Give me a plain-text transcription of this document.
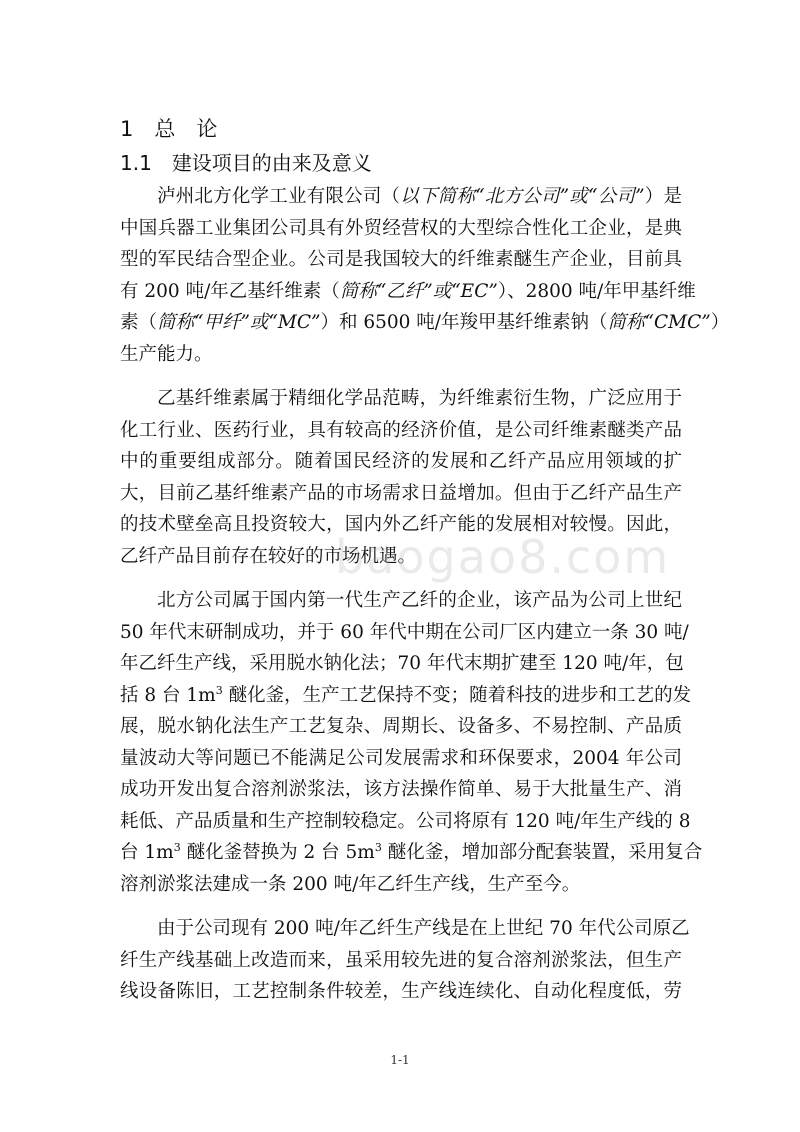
1　 总　论
1.1　 建设项目的由来及意义

泸州北方化学工业有限公司（以下简称“北方公司”或“公司”）是
中国兵器工业集团公司具有外贸经营权的大型综合性化工企业，是典
型的军民结合型企业。公司是我国较大的纤维素醚生产企业，目前具
有 200 吨/年乙基纤维素（简称“乙纤”或“EC”）、2800 吨/年甲基纤维
素（简称“甲纤”或“MC”）和 6500 吨/年羧甲基纤维素钠（简称“CMC”）
生产能力。

乙基纤维素属于精细化学品范畴，为纤维素衍生物，广泛应用于
化工行业、医药行业，具有较高的经济价值，是公司纤维素醚类产品
中的重要组成部分。随着国民经济的发展和乙纤产品应用领域的扩
大，目前乙基纤维素产品的市场需求日益增加。但由于乙纤产品生产
的技术壁垒高且投资较大，国内外乙纤产能的发展相对较慢。因此，
乙纤产品目前存在较好的市场机遇。

北方公司属于国内第一代生产乙纤的企业，该产品为公司上世纪
50 年代末研制成功，并于 60 年代中期在公司厂区内建立一条 30 吨/
年乙纤生产线，采用脱水钠化法；70 年代末期扩建至 120 吨/年，包
括 8 台 $1m^3$ 醚化釜，生产工艺保持不变；随着科技的进步和工艺的发
展，脱水钠化法生产工艺复杂、周期长、设备多、不易控制、产品质
量波动大等问题已不能满足公司发展需求和环保要求，2004 年公司
成功开发出复合溶剂淤浆法，该方法操作简单、易于大批量生产、消
耗低、产品质量和生产控制较稳定。公司将原有 120 吨/年生产线的 8
台 $1m^3$ 醚化釜替换为 2 台 $5m^3$ 醚化釜，增加部分配套装置，采用复合
溶剂淤浆法建成一条 200 吨/年乙纤生产线，生产至今。

由于公司现有 200 吨/年乙纤生产线是在上世纪 70 年代公司原乙
纤生产线基础上改造而来，虽采用较先进的复合溶剂淤浆法，但生产
线设备陈旧，工艺控制条件较差，生产线连续化、自动化程度低，劳

baogao8.com
1-1
